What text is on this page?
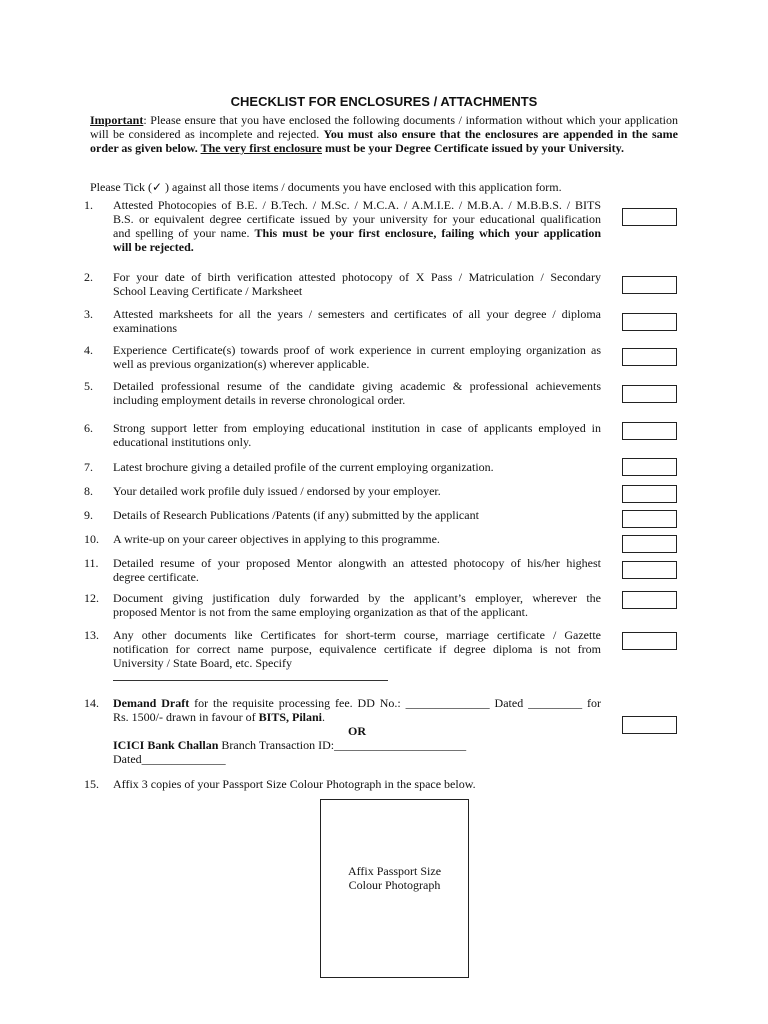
CHECKLIST FOR ENCLOSURES / ATTACHMENTS
Important: Please ensure that you have enclosed the following documents / information without which your application will be considered as incomplete and rejected. You must also ensure that the enclosures are appended in the same order as given below. The very first enclosure must be your Degree Certificate issued by your University.
Please Tick (✓ ) against all those items / documents you have enclosed with this application form.
1.	Attested Photocopies of B.E. / B.Tech. / M.Sc. / M.C.A. / A.M.I.E. / M.B.A. / M.B.B.S. / BITS
B.S. or equivalent degree certificate issued by your university for your educational qualification
and spelling of your name. This must be your first enclosure, failing which your application
will be rejected.
2.	For your date of birth verification attested photocopy of X Pass / Matriculation / Secondary
School Leaving Certificate / Marksheet
3.	Attested marksheets for all the years / semesters and certificates of all your degree / diploma
examinations
4.	Experience Certificate(s) towards proof of work experience in current employing organization as
well as previous organization(s) wherever applicable.
5.	Detailed professional resume of the candidate giving academic & professional achievements
including employment details in reverse chronological order.
6.	Strong support letter from employing educational institution in case of applicants employed in
educational institutions only.
7.	Latest brochure giving a detailed profile of the current employing organization.
8.	Your detailed work profile duly issued / endorsed by your employer.
9.	Details of Research Publications /Patents (if any) submitted by the applicant
10.	A write-up on your career objectives in applying to this programme.
11.	Detailed resume of your proposed Mentor alongwith an attested photocopy of his/her highest
degree certificate.
12.	Document giving justification duly forwarded by the applicant’s employer, wherever the
proposed Mentor is not from the same employing organization as that of the applicant.
13.	Any other documents like Certificates for short-term course, marriage certificate / Gazette
notification for correct name purpose, equivalence certificate if degree diploma is not from
University / State Board, etc. Specify
14.	Demand Draft for the requisite processing fee. DD No.: ______________ Dated _________ for
Rs. 1500/- drawn in favour of BITS, Pilani.
OR
ICICI Bank Challan Branch Transaction ID:______________________
Dated______________
15.	Affix 3 copies of your Passport Size Colour Photograph in the space below.
Affix Passport Size
Colour Photograph
